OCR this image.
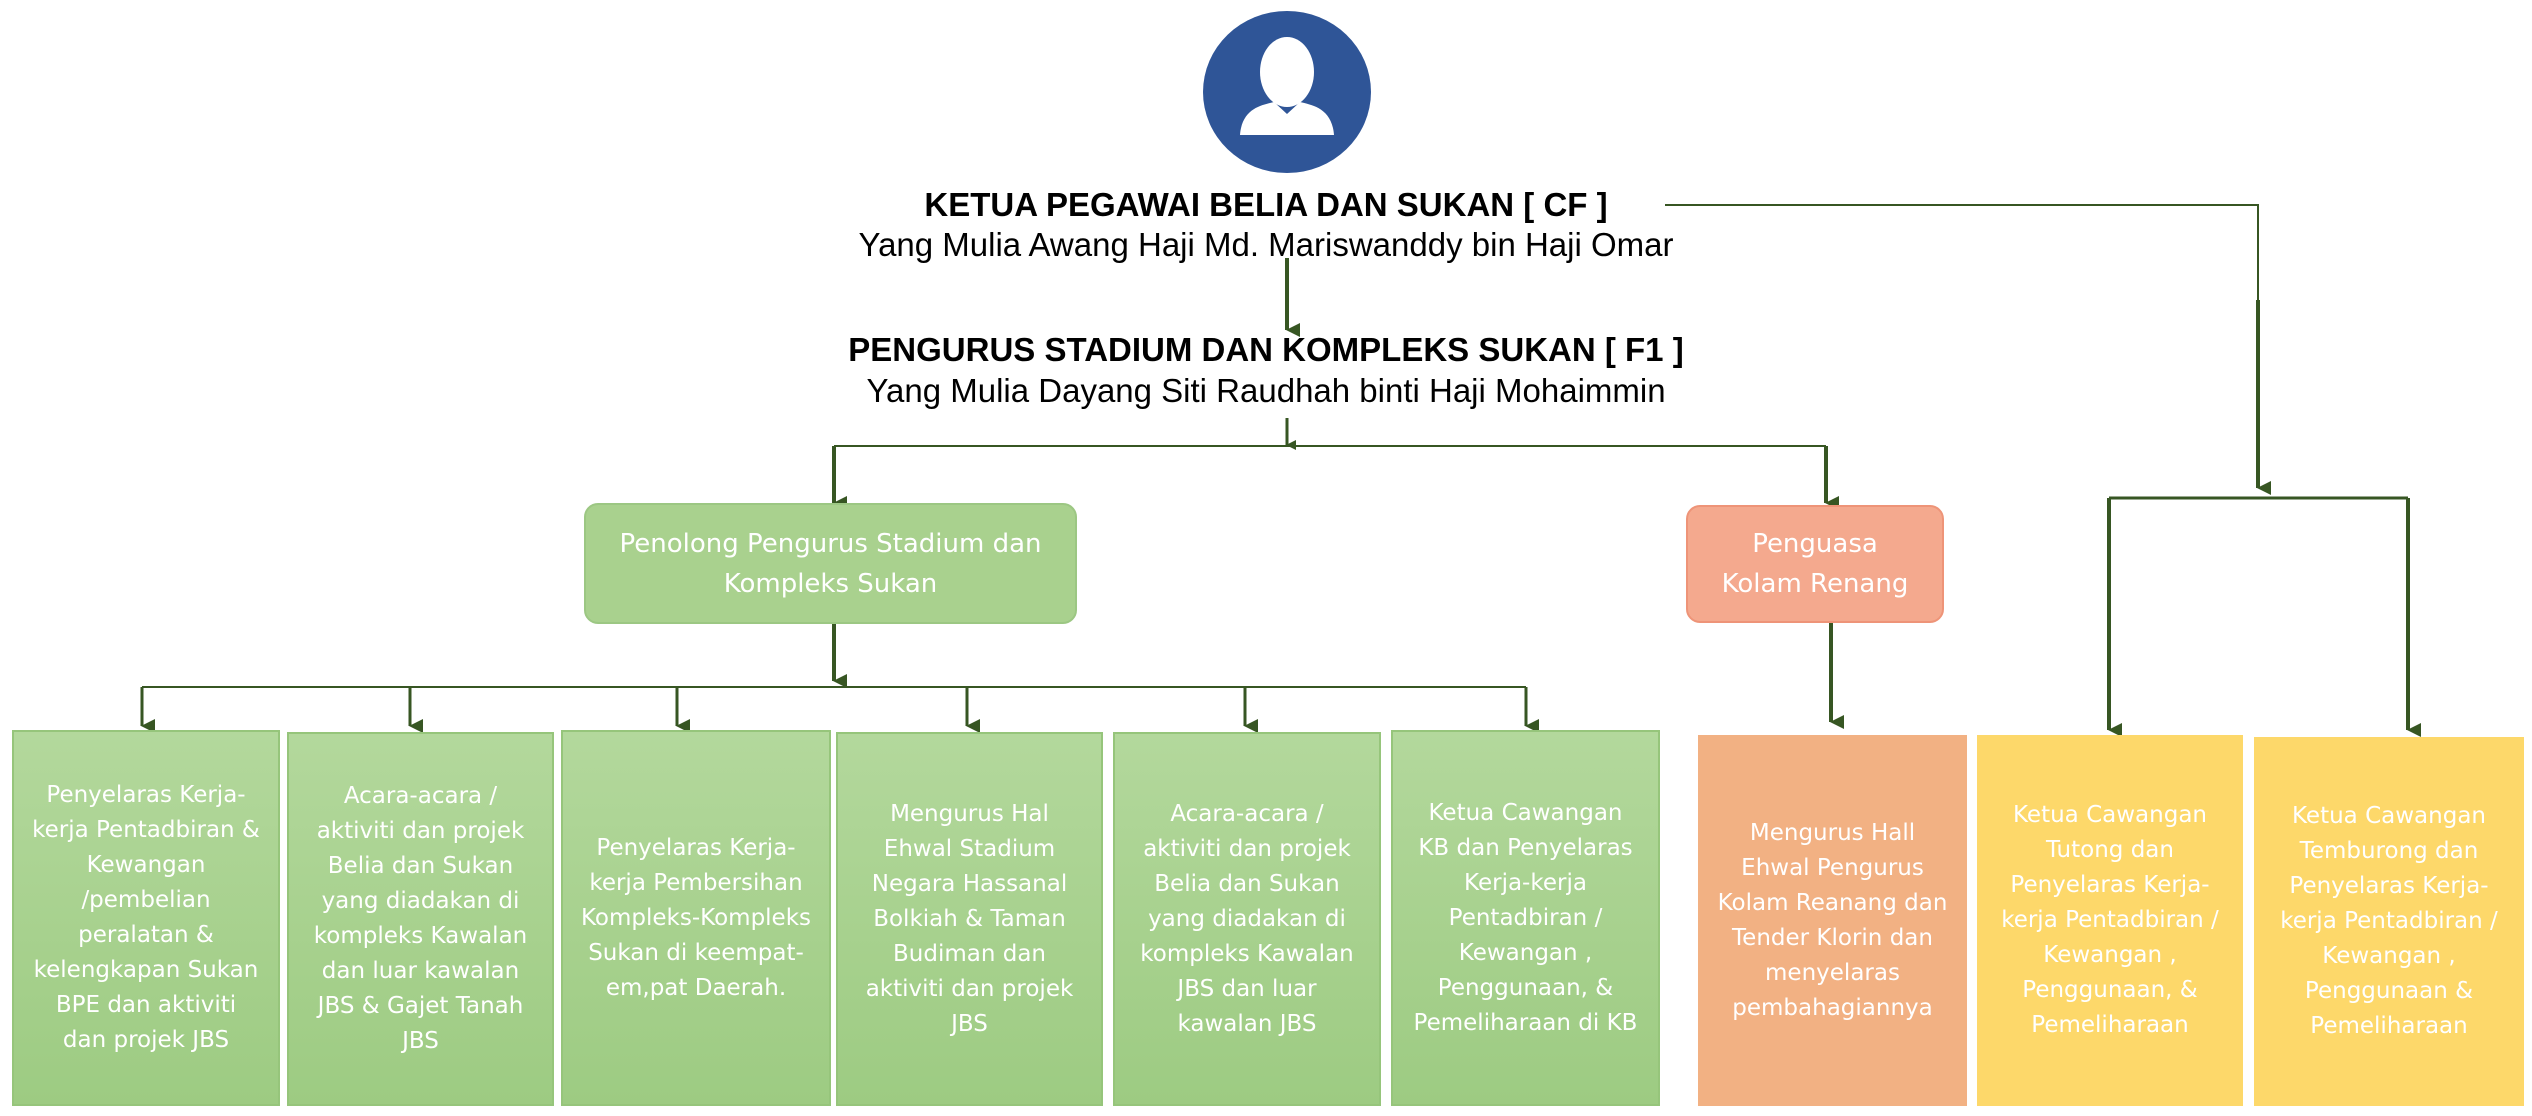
KETUA PEGAWAI BELIA DAN SUKAN [ CF ]
Yang Mulia Awang Haji Md. Mariswanddy bin Haji Omar
PENGURUS STADIUM DAN KOMPLEKS SUKAN [ F1 ]
Yang Mulia Dayang Siti Raudhah binti Haji Mohaimmin
Penolong Pengurus Stadium dan Kompleks Sukan
Penguasa Kolam Renang
Penyelaras Kerja-kerja Pentadbiran & Kewangan /pembelian peralatan & kelengkapan Sukan BPE dan aktiviti dan projek JBS
Acara-acara / aktiviti dan projek Belia dan Sukan yang diadakan di kompleks Kawalan dan luar kawalan JBS & Gajet Tanah JBS
Penyelaras Kerja-kerja Pembersihan Kompleks-Kompleks Sukan di keempat-em,pat Daerah.
Mengurus Hal Ehwal Stadium Negara Hassanal Bolkiah & Taman Budiman dan aktiviti dan projek JBS
Acara-acara / aktiviti dan projek Belia dan Sukan yang diadakan di kompleks Kawalan JBS dan luar kawalan JBS
Ketua Cawangan KB dan Penyelaras Kerja-kerja Pentadbiran / Kewangan , Penggunaan, & Pemeliharaan di KB
Mengurus Hall Ehwal Pengurus Kolam Reanang dan Tender Klorin dan menyelaras pembahagiannya
Ketua Cawangan Tutong dan Penyelaras Kerja-kerja Pentadbiran / Kewangan , Penggunaan, & Pemeliharaan
Ketua Cawangan Temburong dan Penyelaras Kerja-kerja Pentadbiran / Kewangan , Penggunaan & Pemeliharaan
